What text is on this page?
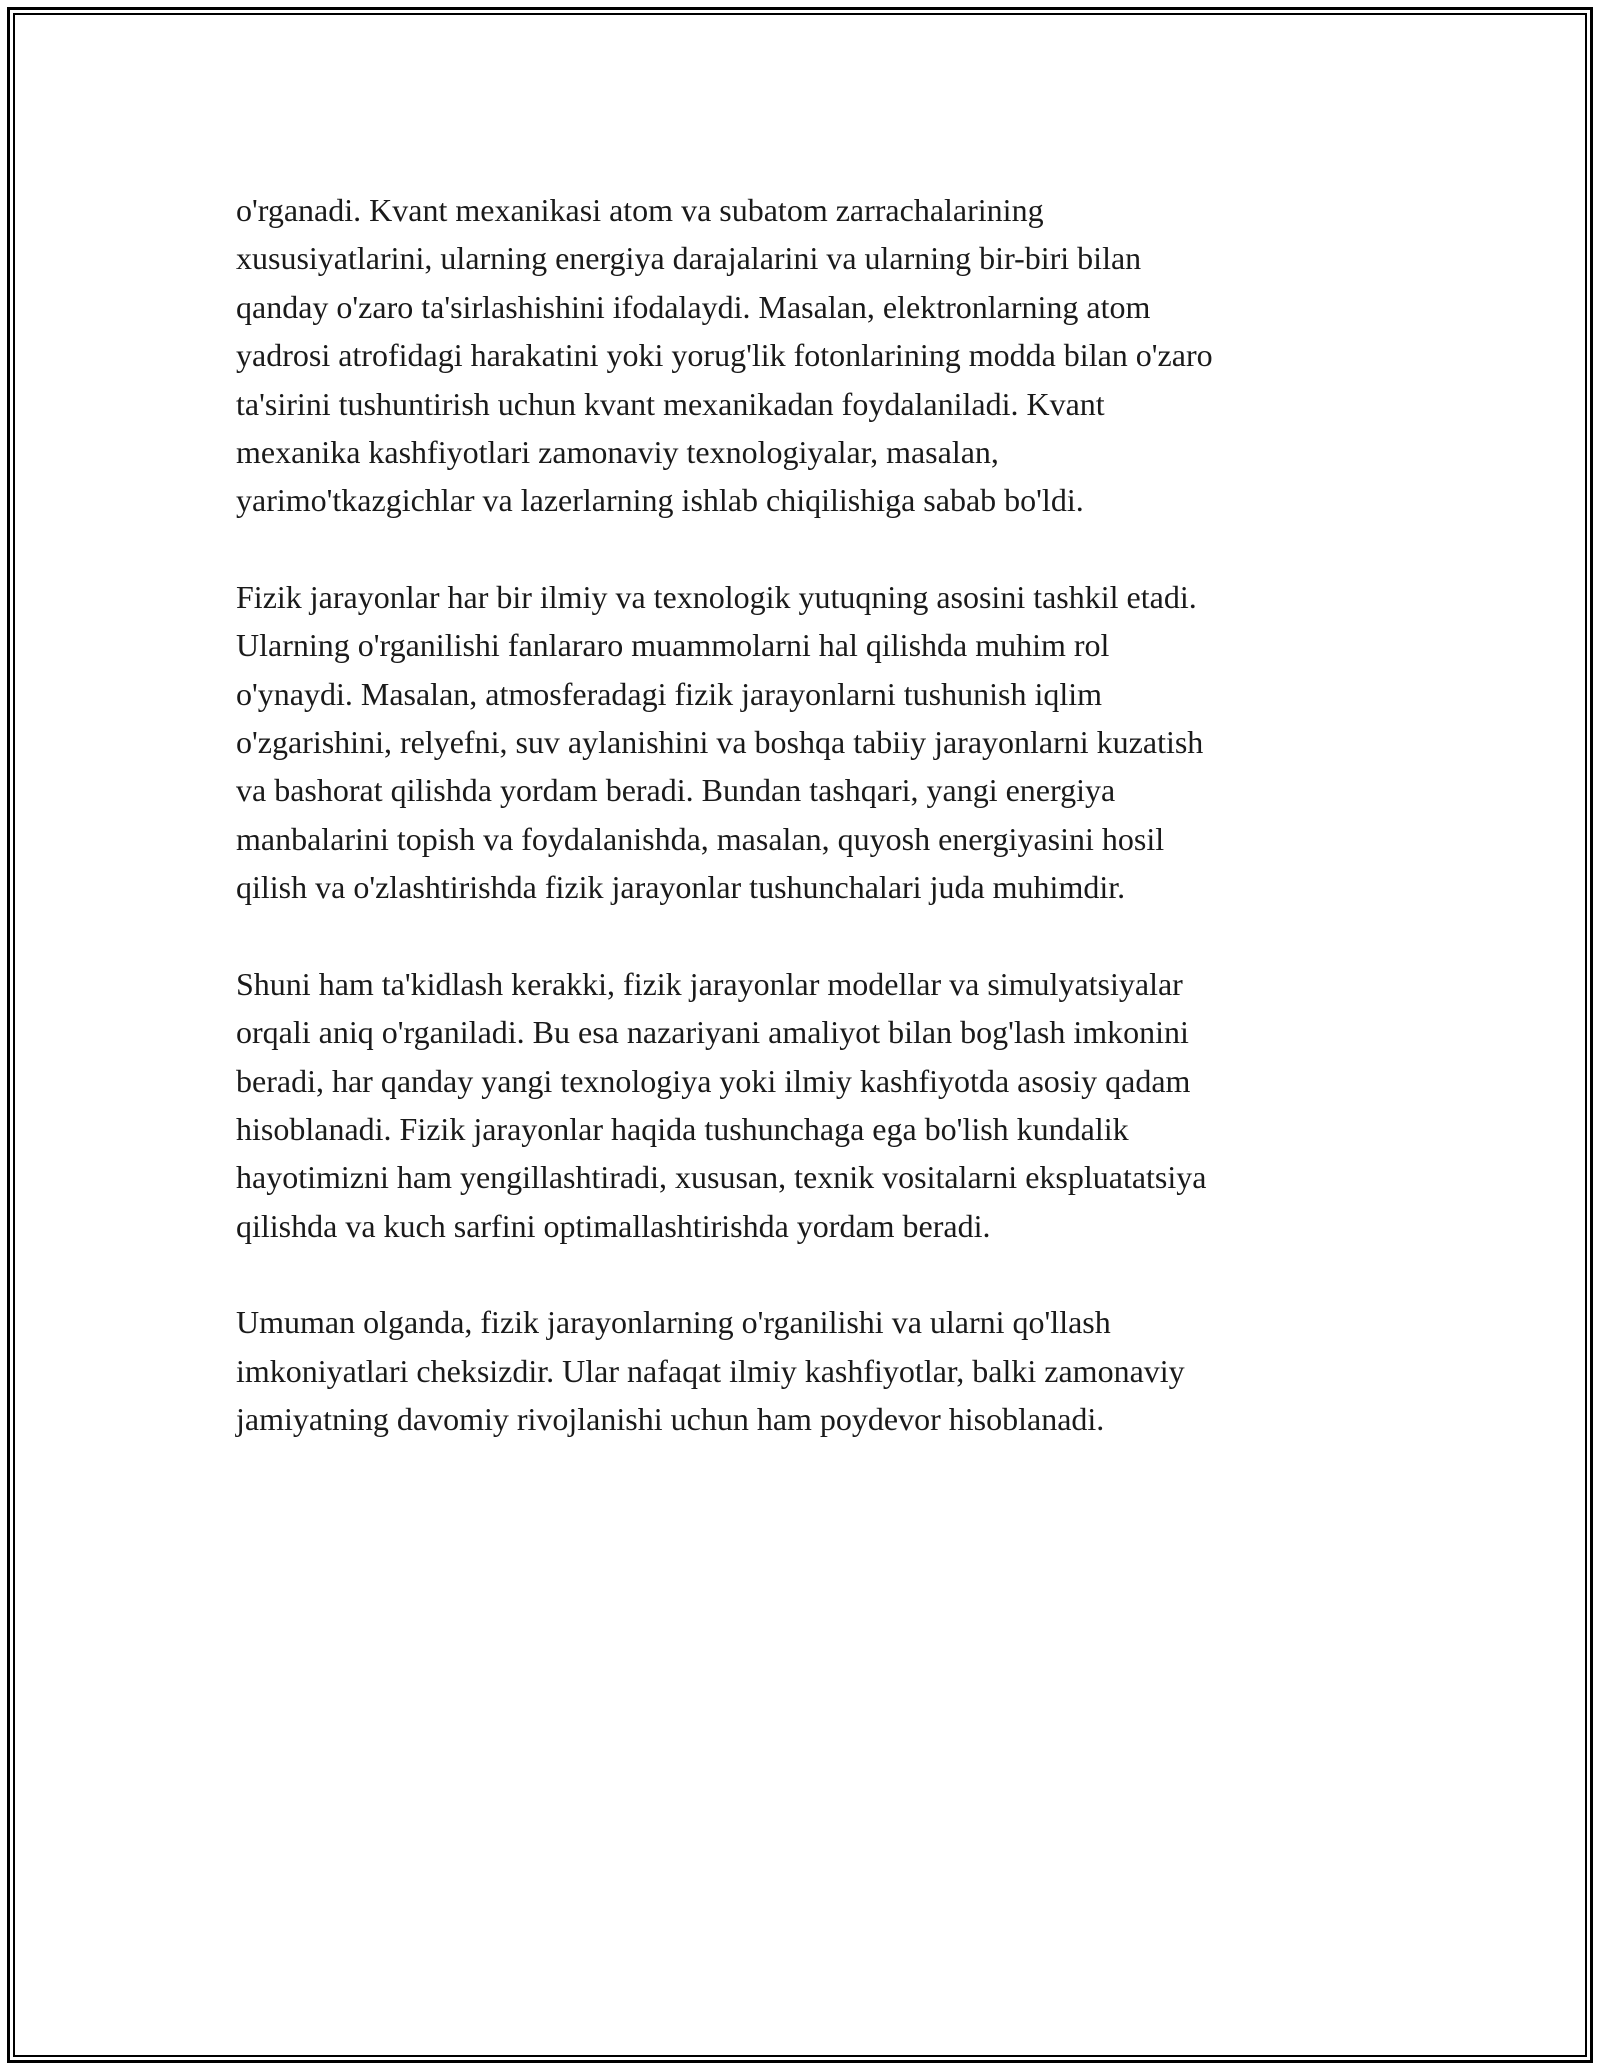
o'rganadi. Kvant mexanikasi atom va subatom zarrachalarining
xususiyatlarini, ularning energiya darajalarini va ularning bir-biri bilan
qanday o'zaro ta'sirlashishini ifodalaydi. Masalan, elektronlarning atom
yadrosi atrofidagi harakatini yoki yorug'lik fotonlarining modda bilan o'zaro
ta'sirini tushuntirish uchun kvant mexanikadan foydalaniladi. Kvant
mexanika kashfiyotlari zamonaviy texnologiyalar, masalan,
yarimo'tkazgichlar va lazerlarning ishlab chiqilishiga sabab bo'ldi.

Fizik jarayonlar har bir ilmiy va texnologik yutuqning asosini tashkil etadi.
Ularning o'rganilishi fanlararo muammolarni hal qilishda muhim rol
o'ynaydi. Masalan, atmosferadagi fizik jarayonlarni tushunish iqlim
o'zgarishini, relyefni, suv aylanishini va boshqa tabiiy jarayonlarni kuzatish
va bashorat qilishda yordam beradi. Bundan tashqari, yangi energiya
manbalarini topish va foydalanishda, masalan, quyosh energiyasini hosil
qilish va o'zlashtirishda fizik jarayonlar tushunchalari juda muhimdir.

Shuni ham ta'kidlash kerakki, fizik jarayonlar modellar va simulyatsiyalar
orqali aniq o'rganiladi. Bu esa nazariyani amaliyot bilan bog'lash imkonini
beradi, har qanday yangi texnologiya yoki ilmiy kashfiyotda asosiy qadam
hisoblanadi. Fizik jarayonlar haqida tushunchaga ega bo'lish kundalik
hayotimizni ham yengillashtiradi, xususan, texnik vositalarni ekspluatatsiya
qilishda va kuch sarfini optimallashtirishda yordam beradi.

Umuman olganda, fizik jarayonlarning o'rganilishi va ularni qo'llash
imkoniyatlari cheksizdir. Ular nafaqat ilmiy kashfiyotlar, balki zamonaviy
jamiyatning davomiy rivojlanishi uchun ham poydevor hisoblanadi.
